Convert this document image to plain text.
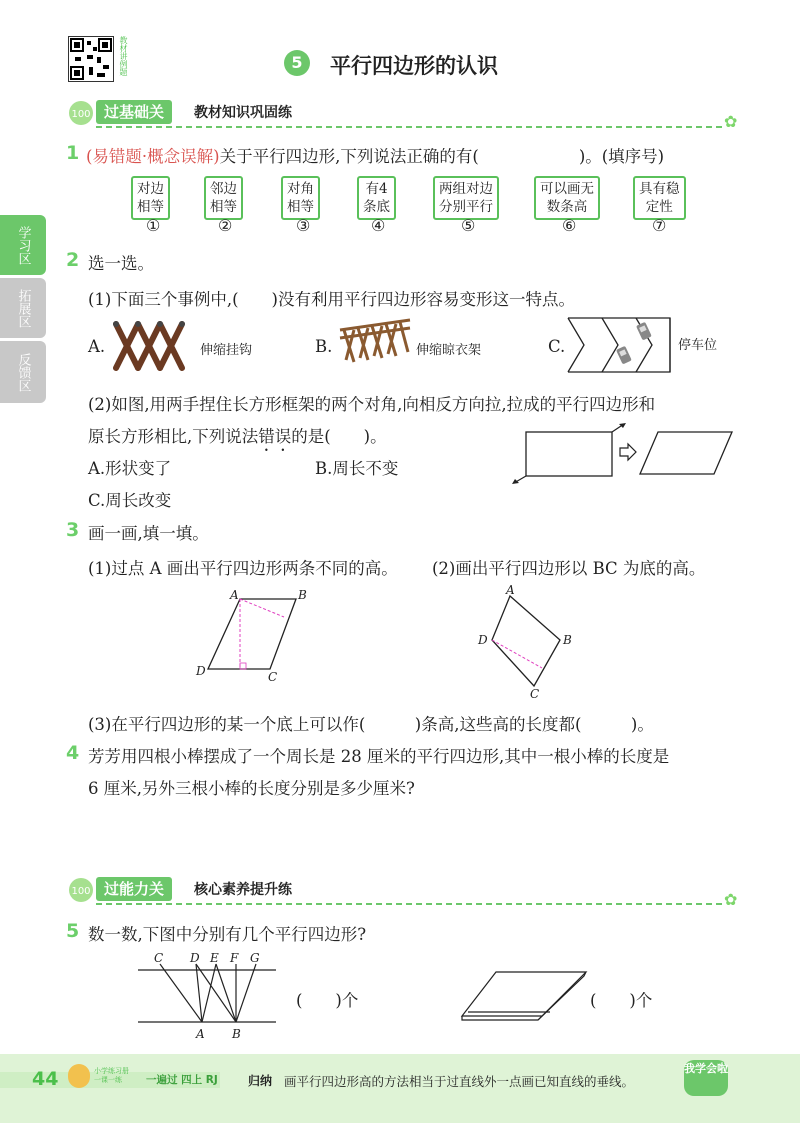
教材讲例题	5	平行四边形的认识
100 过基础关	教材知识巩固练	✿
学习区
拓展区
反馈区
1 (易错题·概念误解)关于平行四边形,下列说法正确的有(	)。(填序号)
对边
相等
邻边
相等
对角
相等
有4
条底
两组对边
分别平行
可以画无
数条高
具有稳
定性
①	②	③	④	⑤	⑥	⑦
2 选一选。
(1)下面三个事例中,(　　)没有利用平行四边形容易变形这一特点。
A.	伸缩挂钩	B.	伸缩晾衣架	C.	停车位
(2)如图,用两手捏住长方形框架的两个对角,向相反方向拉,拉成的平行四边形和
原长方形相比,下列说法错误的是(　　)。
A.形状变了	B.周长不变
C.周长改变
3 画一画,填一填。
(1)过点 A 画出平行四边形两条不同的高。 (2)画出平行四边形以 BC 为底的高。
A	B
C
D
A
B
C
D
(3)在平行四边形的某一个底上可以作(　　　)条高,这些高的长度都(　　　)。
4 芳芳用四根小棒摆成了一个周长是 28 厘米的平行四边形,其中一根小棒的长度是
6 厘米,另外三根小棒的长度分别是多少厘米?
100 过能力关	核心素养提升练	✿
5 数一数,下图中分别有几个平行四边形?
C D E F G
A B
(　　)个	(　　)个
44	小学练习册
一课一练	一遍过 四上 RJ	归纳 画平行四边形高的方法相当于过直线外一点画已知直线的垂线。
我学会啦
